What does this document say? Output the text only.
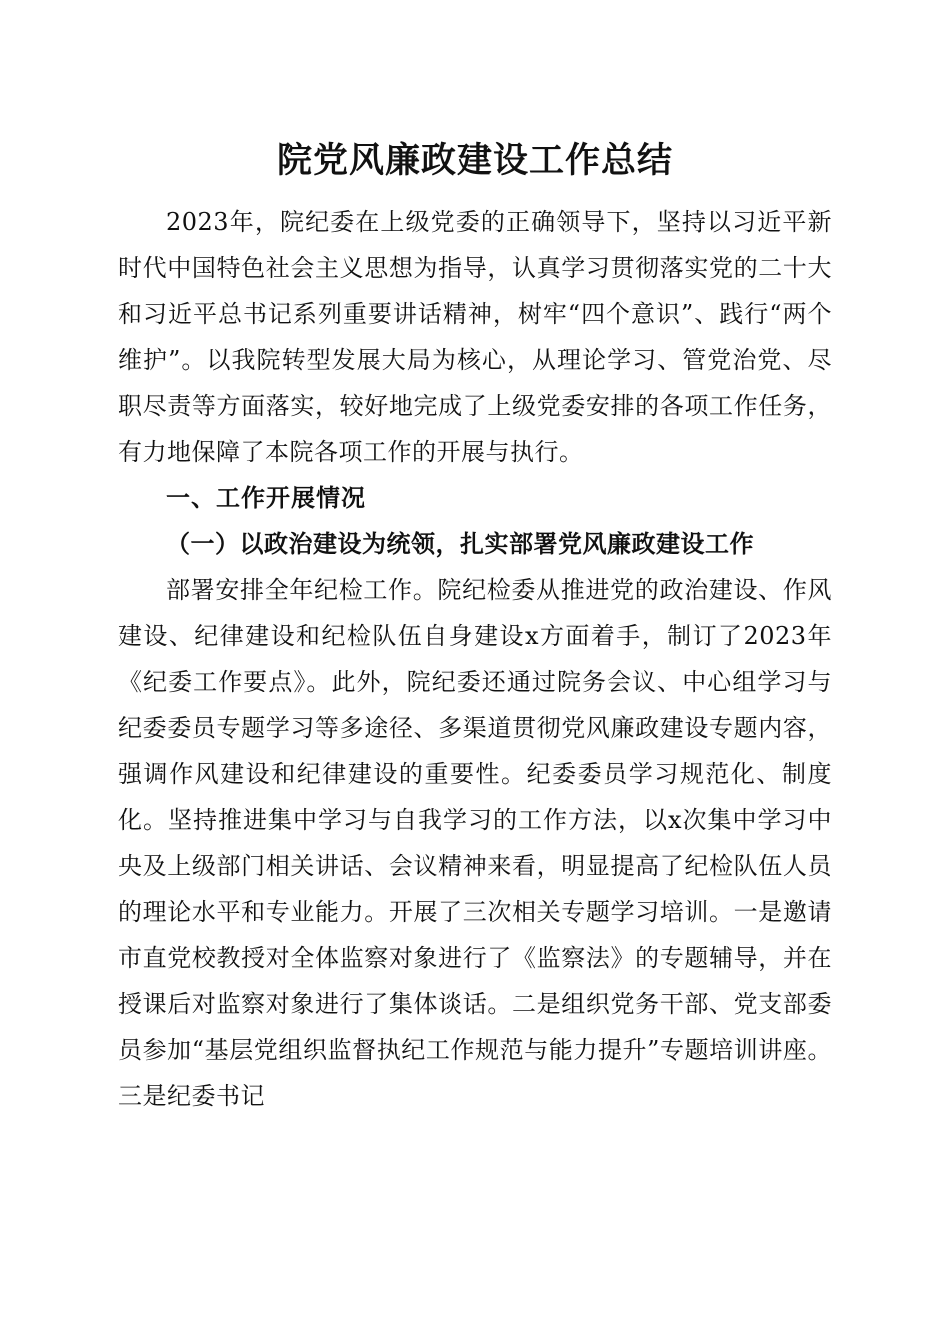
院党风廉政建设工作总结

2023年，院纪委在上级党委的正确领导下，坚持以习近平新时代中国特色社会主义思想为指导，认真学习贯彻落实党的二十大和习近平总书记系列重要讲话精神，树牢“四个意识”、践行“两个维护”。以我院转型发展大局为核心，从理论学习、管党治党、尽职尽责等方面落实，较好地完成了上级党委安排的各项工作任务，有力地保障了本院各项工作的开展与执行。

一、工作开展情况

（一）以政治建设为统领，扎实部署党风廉政建设工作

部署安排全年纪检工作。院纪检委从推进党的政治建设、作风建设、纪律建设和纪检队伍自身建设x方面着手，制订了2023年《纪委工作要点》。此外，院纪委还通过院务会议、中心组学习与纪委委员专题学习等多途径、多渠道贯彻党风廉政建设专题内容，强调作风建设和纪律建设的重要性。纪委委员学习规范化、制度化。坚持推进集中学习与自我学习的工作方法，以x次集中学习中央及上级部门相关讲话、会议精神来看，明显提高了纪检队伍人员的理论水平和专业能力。开展了三次相关专题学习培训。一是邀请市直党校教授对全体监察对象进行了《监察法》的专题辅导，并在授课后对监察对象进行了集体谈话。二是组织党务干部、党支部委员参加“基层党组织监督执纪工作规范与能力提升”专题培训讲座。三是纪委书记
